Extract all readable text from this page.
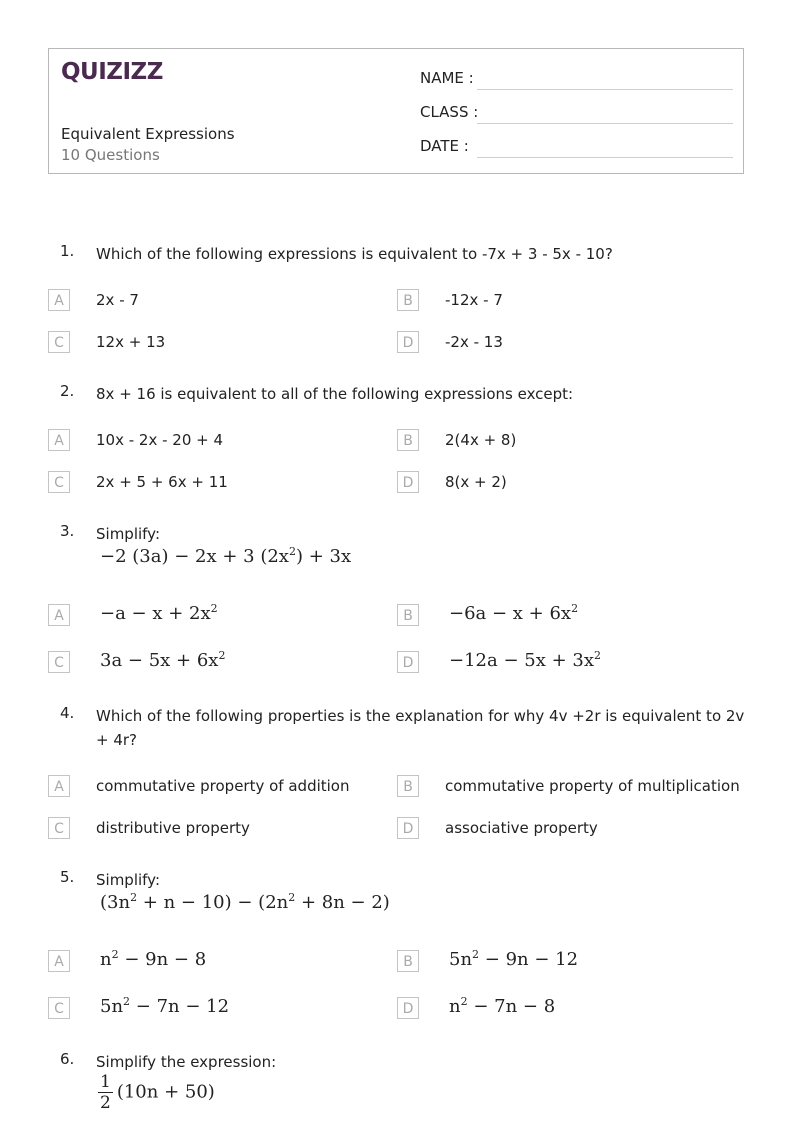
QUIZIZZ
Equivalent Expressions
10 Questions
NAME :
CLASS :
DATE :
1. Which of the following expressions is equivalent to -7x + 3 - 5x - 10?
A	2x - 7	B	-12x - 7
C	12x + 13	D	-2x - 13
2. 8x + 16 is equivalent to all of the following expressions except:
A	10x - 2x - 20 + 4	B	2(4x + 8)
C	2x + 5 + 6x + 11	D	8(x + 2)
3. Simplify:
−2 (3a) − 2x + 3 $(2x^2) + 3x$
A	$-a - x + 2x^2$	B	$-6a - x + 6x^2$
C	$3a - 5x + 6x^2$	D	$-12a - 5x + 3x^2$
4. Which of the following properties is the explanation for why 4v +2r is equivalent to 2v + 4r?
A	commutative property of addition	B	commutative property of multiplication
C	distributive property	D	associative property
5. Simplify:
$(3n^2 + n - 10) - (2n^2 + 8n - 2)$
A	$n^2 - 9n - 8$	B	$5n^2 - 9n - 12$
C	$5n^2 - 7n - 12$	D	$n^2 - 7n - 8$
6. Simplify the expression:
$\frac{1}{2} (10n + 50)$
